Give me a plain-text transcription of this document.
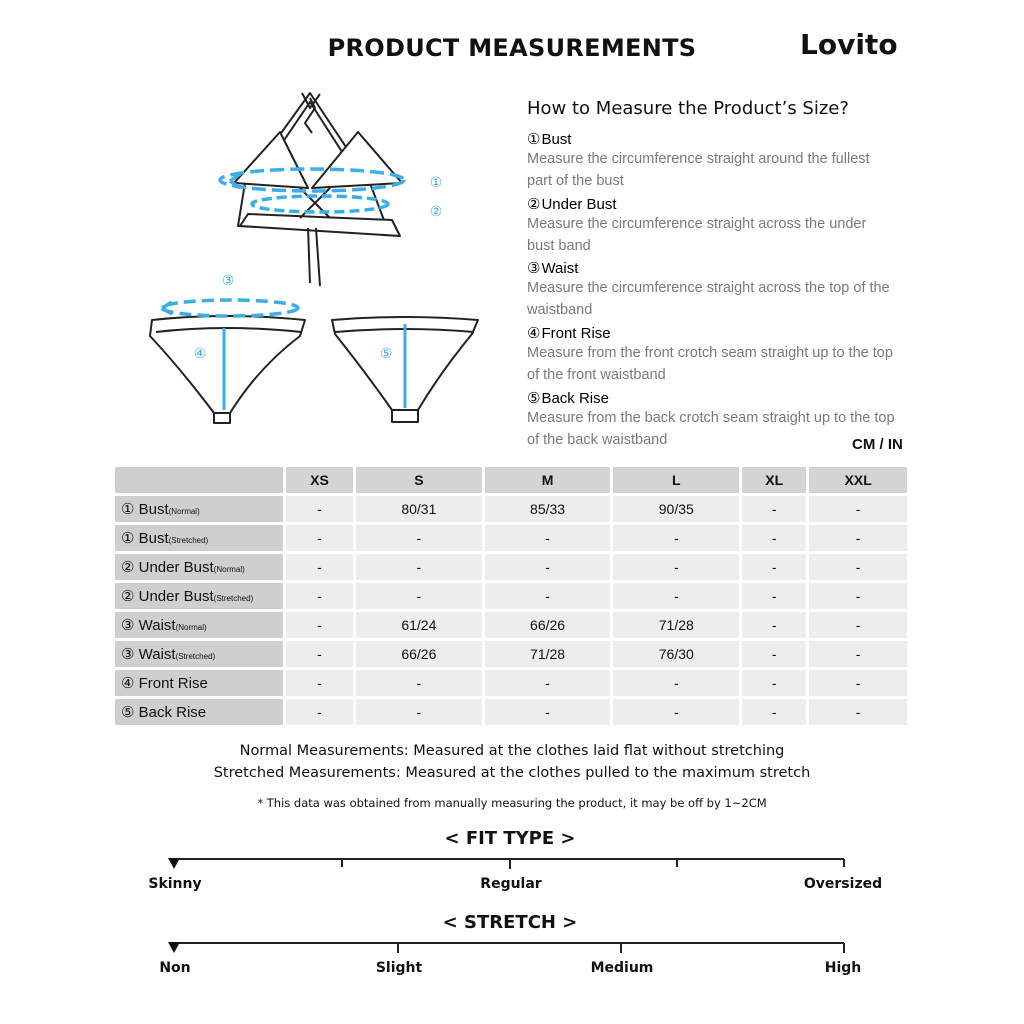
PRODUCT MEASUREMENTS	Lovito
①
②
③
④	⑤
How to Measure the Product’s Size?
① Bust
Measure the circumference straight around the fullest part of the bust
② Under Bust
Measure the circumference straight across the under bust band
③ Waist
Measure the circumference straight across the top of the waistband
④ Front Rise
Measure from the front crotch seam straight up to the top of the front waistband
⑤ Back Rise
Measure from the back crotch seam straight up to the top of the back waistband	CM / IN
	XS	S	M	L	XL	XXL
① Bust(Normal)	-	80/31	85/33	90/35	-	-
① Bust(Stretched)	-	-	-	-	-	-
② Under Bust(Normal)	-	-	-	-	-	-
② Under Bust(Stretched)	-	-	-	-	-	-
③ Waist(Normal)	-	61/24	66/26	71/28	-	-
③ Waist(Stretched)	-	66/26	71/28	76/30	-	-
④ Front Rise	-	-	-	-	-	-
⑤ Back Rise	-	-	-	-	-	-
Normal Measurements: Measured at the clothes laid flat without stretching
Stretched Measurements: Measured at the clothes pulled to the maximum stretch
* This data was obtained from manually measuring the product, it may be off by 1~2CM
< FIT TYPE >
Skinny	Regular	Oversized
< STRETCH >
Non	Slight	Medium	High
